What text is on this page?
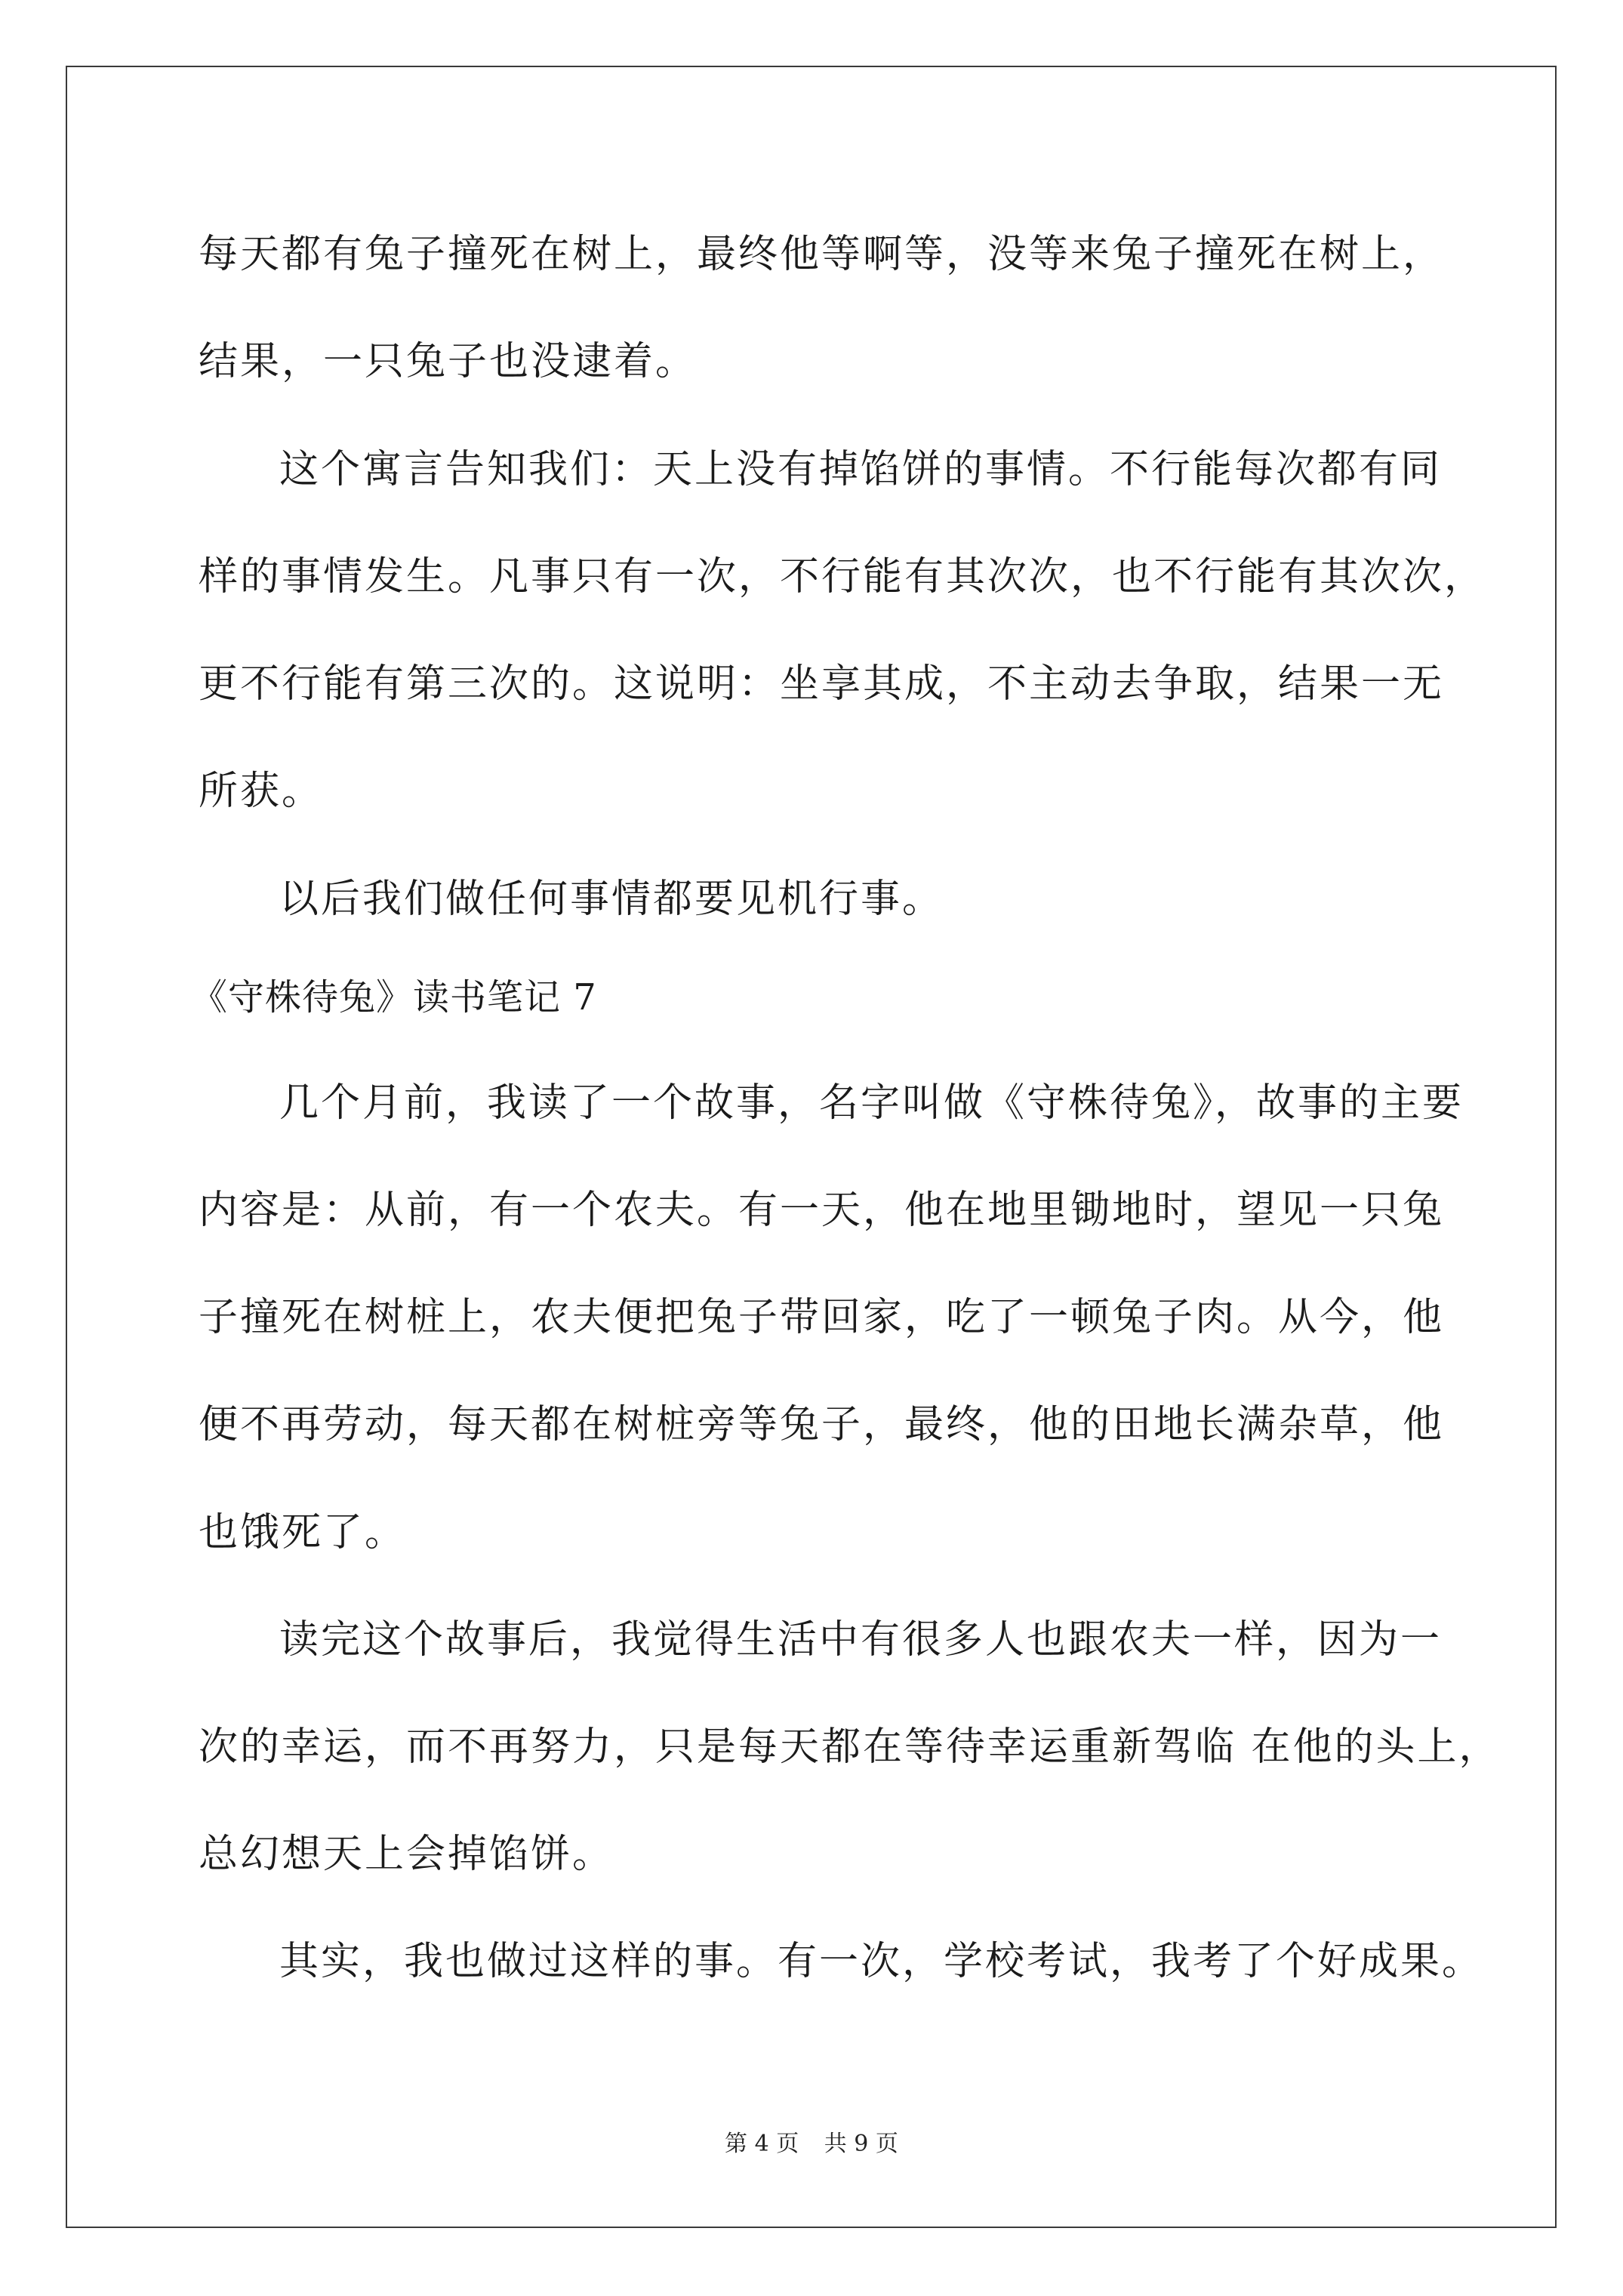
每天都有兔子撞死在树上，最终他等啊等，没等来兔子撞死在树上，
结果，一只兔子也没逮着。
这个寓言告知我们：天上没有掉馅饼的事情。不行能每次都有同
样的事情发生。凡事只有一次，不行能有其次次，也不行能有其次次，
更不行能有第三次的。这说明：坐享其成，不主动去争取，结果一无
所获。
以后我们做任何事情都要见机行事。
《守株待兔》读书笔记 7
几个月前，我读了一个故事，名字叫做《守株待兔》，故事的主要
内容是：从前，有一个农夫。有一天，他在地里锄地时，望见一只兔
子撞死在树桩上，农夫便把兔子带回家，吃了一顿兔子肉。从今，他
便不再劳动，每天都在树桩旁等兔子，最终，他的田地长满杂草，他
也饿死了。
读完这个故事后，我觉得生活中有很多人也跟农夫一样，因为一
次的幸运，而不再努力，只是每天都在等待幸运重新驾临 在他的头上，
总幻想天上会掉馅饼。
其实，我也做过这样的事。有一次，学校考试，我考了个好成果。
第 4 页 共 9 页
